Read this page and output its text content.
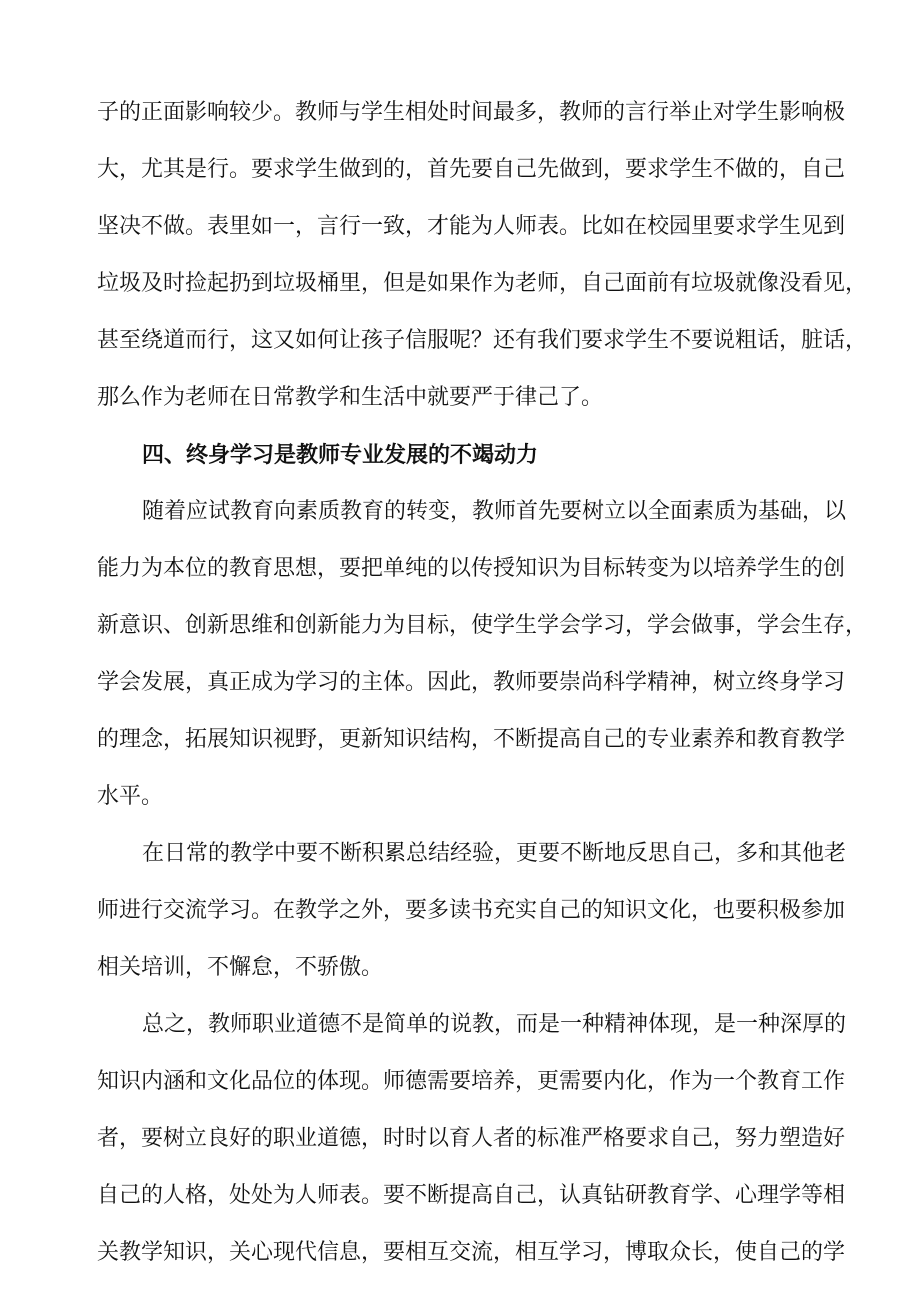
子的正面影响较少。教师与学生相处时间最多，教师的言行举止对学生影响极
大，尤其是行。要求学生做到的，首先要自己先做到，要求学生不做的，自己
坚决不做。表里如一，言行一致，才能为人师表。比如在校园里要求学生见到
垃圾及时捡起扔到垃圾桶里，但是如果作为老师，自己面前有垃圾就像没看见，
甚至绕道而行，这又如何让孩子信服呢？还有我们要求学生不要说粗话，脏话，
那么作为老师在日常教学和生活中就要严于律己了。
四、终身学习是教师专业发展的不竭动力
随着应试教育向素质教育的转变，教师首先要树立以全面素质为基础，以
能力为本位的教育思想，要把单纯的以传授知识为目标转变为以培养学生的创
新意识、创新思维和创新能力为目标，使学生学会学习，学会做事，学会生存，
学会发展，真正成为学习的主体。因此，教师要崇尚科学精神，树立终身学习
的理念，拓展知识视野，更新知识结构，不断提高自己的专业素养和教育教学
水平。
在日常的教学中要不断积累总结经验，更要不断地反思自己，多和其他老
师进行交流学习。在教学之外，要多读书充实自己的知识文化，也要积极参加
相关培训，不懈怠，不骄傲。
总之，教师职业道德不是简单的说教，而是一种精神体现，是一种深厚的
知识内涵和文化品位的体现。师德需要培养，更需要内化，作为一个教育工作
者，要树立良好的职业道德，时时以育人者的标准严格要求自己，努力塑造好
自己的人格，处处为人师表。要不断提高自己，认真钻研教育学、心理学等相
关教学知识，关心现代信息，要相互交流，相互学习，博取众长，使自己的学
